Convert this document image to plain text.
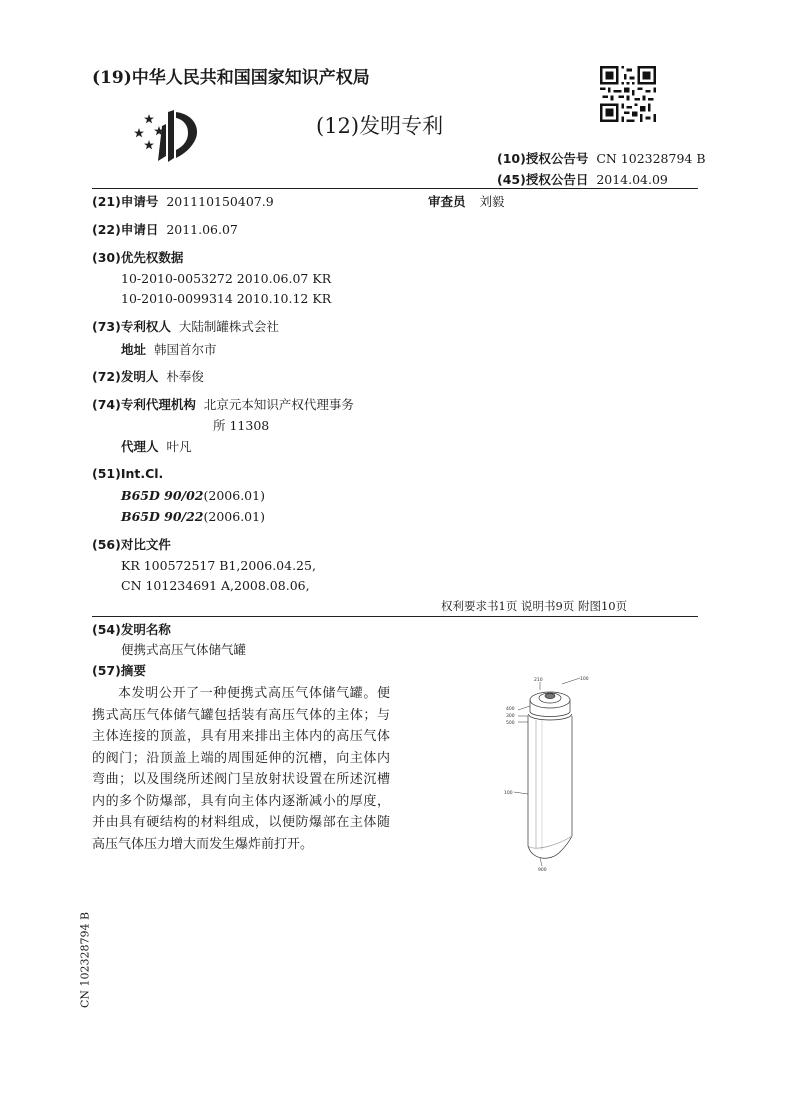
(19)中华人民共和国国家知识产权局
(12)发明专利
(10)授权公告号 CN 102328794 B
(45)授权公告日 2014.04.09
(21)申请号 201110150407.9	审查员 刘毅
(22)申请日 2011.06.07
(30)优先权数据
10-2010-0053272 2010.06.07 KR
10-2010-0099314 2010.10.12 KR
(73)专利权人 大陆制罐株式会社
地址 韩国首尔市
(72)发明人 朴奉俊
(74)专利代理机构 北京元本知识产权代理事务
所 11308
代理人 叶凡
(51)Int.Cl.
B65D 90/02(2006.01)
B65D 90/22(2006.01)
(56)对比文件
KR 100572517 B1,2006.04.25,
CN 101234691 A,2008.08.06,
权利要求书1页 说明书9页 附图10页
(54)发明名称
便携式高压气体储气罐
(57)摘要
本发明公开了一种便携式高压气体储气罐。便携式高压气体储气罐包括装有高压气体的主体；与主体连接的顶盖，具有用来排出主体内的高压气体的阀门；沿顶盖上端的周围延伸的沉槽，向主体内弯曲；以及围绕所述阀门呈放射状设置在所述沉槽内的多个防爆部，具有向主体内逐渐减小的厚度，并由具有硬结构的材料组成，以便防爆部在主体随高压气体压力增大而发生爆炸前打开。
210	100
400
300
500
100
900
CN 102328794 B
